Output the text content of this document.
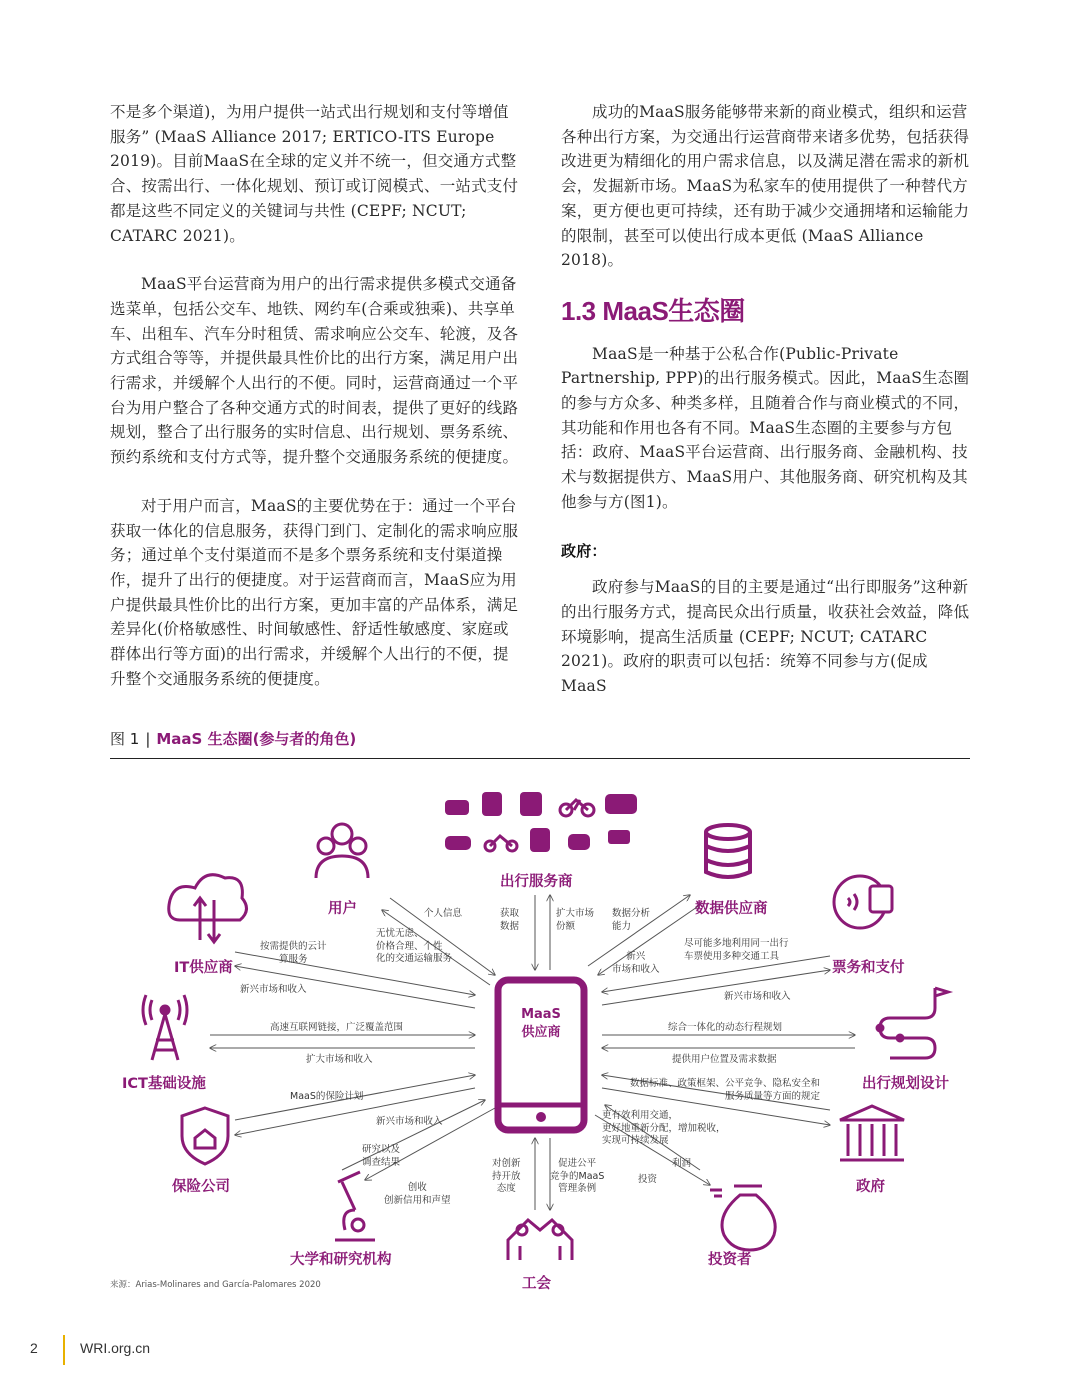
不是多个渠道)，为用户提供一站式出行规划和支付等增值服务” (MaaS Alliance 2017; ERTICO-ITS Europe 2019)。目前MaaS在全球的定义并不统一，但交通方式整合、按需出行、一体化规划、预订或订阅模式、一站式支付都是这些不同定义的关键词与共性 (CEPF; NCUT; CATARC 2021)。

MaaS平台运营商为用户的出行需求提供多模式交通备选菜单，包括公交车、地铁、网约车(合乘或独乘)、共享单车、出租车、汽车分时租赁、需求响应公交车、轮渡，及各方式组合等等，并提供最具性价比的出行方案，满足用户出行需求，并缓解个人出行的不便。同时，运营商通过一个平台为用户整合了各种交通方式的时间表，提供了更好的线路规划，整合了出行服务的实时信息、出行规划、票务系统、预约系统和支付方式等，提升整个交通服务系统的便捷度。

对于用户而言，MaaS的主要优势在于：通过一个平台获取一体化的信息服务，获得门到门、定制化的需求响应服务；通过单个支付渠道而不是多个票务系统和支付渠道操作，提升了出行的便捷度。对于运营商而言，MaaS应为用户提供最具性价比的出行方案，更加丰富的产品体系，满足差异化(价格敏感性、时间敏感性、舒适性敏感度、家庭或群体出行等方面)的出行需求，并缓解个人出行的不便，提升整个交通服务系统的便捷度。

成功的MaaS服务能够带来新的商业模式，组织和运营各种出行方案，为交通出行运营商带来诸多优势，包括获得改进更为精细化的用户需求信息，以及满足潜在需求的新机会，发掘新市场。MaaS为私家车的使用提供了一种替代方案，更方便也更可持续，还有助于减少交通拥堵和运输能力的限制，甚至可以使出行成本更低 (MaaS Alliance 2018)。

1.3 MaaS生态圈

MaaS是一种基于公私合作(Public-Private Partnership, PPP)的出行服务模式。因此，MaaS生态圈的参与方众多、种类多样，且随着合作与商业模式的不同，其功能和作用也各有不同。MaaS生态圈的主要参与方包括：政府、MaaS平台运营商、出行服务商、金融机构、技术与数据提供方、MaaS用户、其他服务商、研究机构及其他参与方(图1)。

政府：

政府参与MaaS的目的主要是通过“出行即服务”这种新的出行服务方式，提高民众出行质量，收获社会效益，降低环境影响，提高生活质量 (CEPF; NCUT; CATARC 2021)。政府的职责可以包括：统筹不同参与方(促成MaaS

图 1 | MaaS 生态圈(参与者的角色)
MaaS
供应商
出行服务商
用户	数据供应商
IT供应商	票务和支付
ICT基础设施	出行规划设计
保险公司	政府
大学和研究机构
工会
投资者
个人信息	获取
数据
扩大市场
份额
数据分析
能力
无忧无虑、
价格合理、个性
化的交通运输服务
按需提供的云计
算服务	新兴
市场和收入
尽可能多地利用同一出行
车票使用多种交通工具
新兴市场和收入
新兴市场和收入
高速互联网链接，广泛覆盖范围
扩大市场和收入
综合一体化的动态行程规划
提供用户位置及需求数据
MaaS的保险计划
新兴市场和收入
数据标准、政策框架、公平竞争、隐私安全和
服务质量等方面的规定
更有效利用交通，
更好地重新分配，增加税收，
实现可持续发展
研究以及
调查结果
创收
创新信用和声望
对创新
持开放
态度
促进公平
竞争的MaaS
管理条例
利润
投资
来源：Arias-Molinares and García-Palomares 2020
2	WRI.org.cn
